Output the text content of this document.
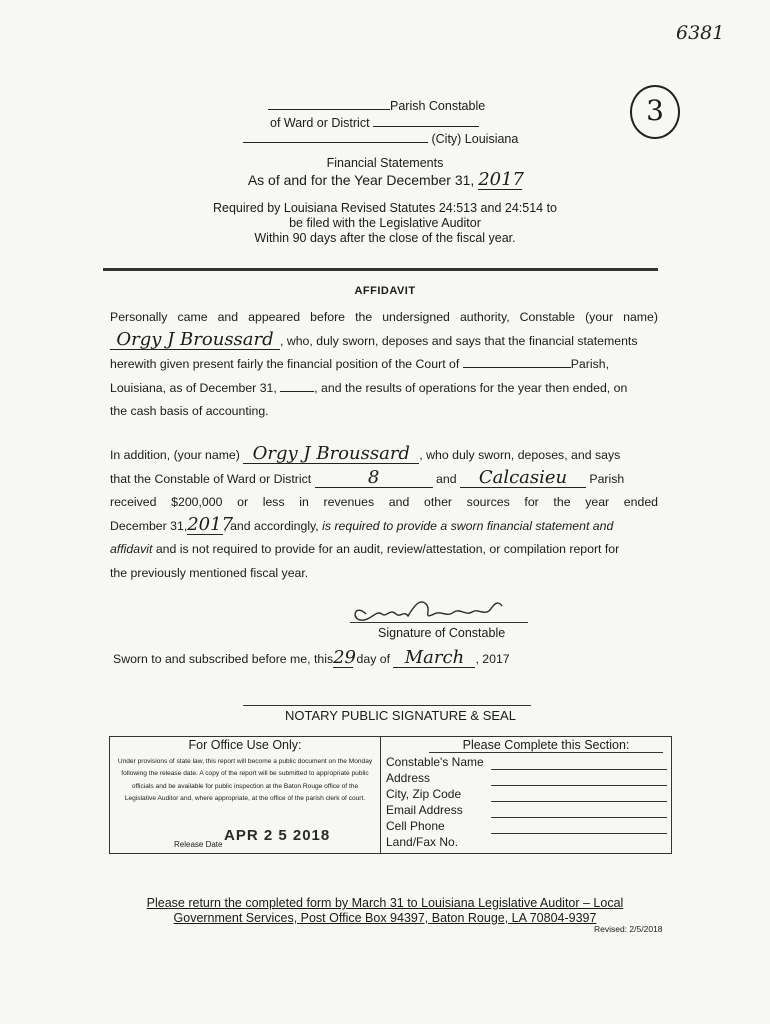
6381
3
Parish Constable
of Ward or District
(City) Louisiana
Financial Statements
As of and for the Year December 31, 2017
Required by Louisiana Revised Statutes 24:513 and 24:514 to
be filed with the Legislative Auditor
Within 90 days after the close of the fiscal year.
AFFIDAVIT
Personally came and appeared before the undersigned authority, Constable (your name)
Orgy J Broussard , who, duly sworn, deposes and says that the financial statements
herewith given present fairly the financial position of the Court of	Parish,
Louisiana, as of December 31,	, and the results of operations for the year then ended, on
the cash basis of accounting.
In addition, (your name) Orgy J Broussard , who duly sworn, deposes, and says
that the Constable of Ward or District	8	and Calcasieu Parish
received $200,000 or less in revenues and other sources for the year ended
December 31,2017, and accordingly, is required to provide a sworn financial statement and
affidavit and is not required to provide for an audit, review/attestation, or compilation report for
the previously mentioned fiscal year.
Signature of Constable
Sworn to and subscribed before me, this29 day of March , 2017
NOTARY PUBLIC SIGNATURE & SEAL
For Office Use Only:
Under provisions of state law, this report will become a public document on the Monday following the release date. A copy of the report will be submitted to appropriate public officials and be available for public inspection at the Baton Rouge office of the Legislative Auditor and, where appropriate, at the office of the parish clerk of court.
Release Date
APR 2 5 2018
Please Complete this Section:
Constable's Name
Address
City, Zip Code
Email Address
Cell Phone
Land/Fax No.
Please return the completed form by March 31 to Louisiana Legislative Auditor – Local
Government Services, Post Office Box 94397, Baton Rouge, LA 70804-9397
Revised: 2/5/2018
